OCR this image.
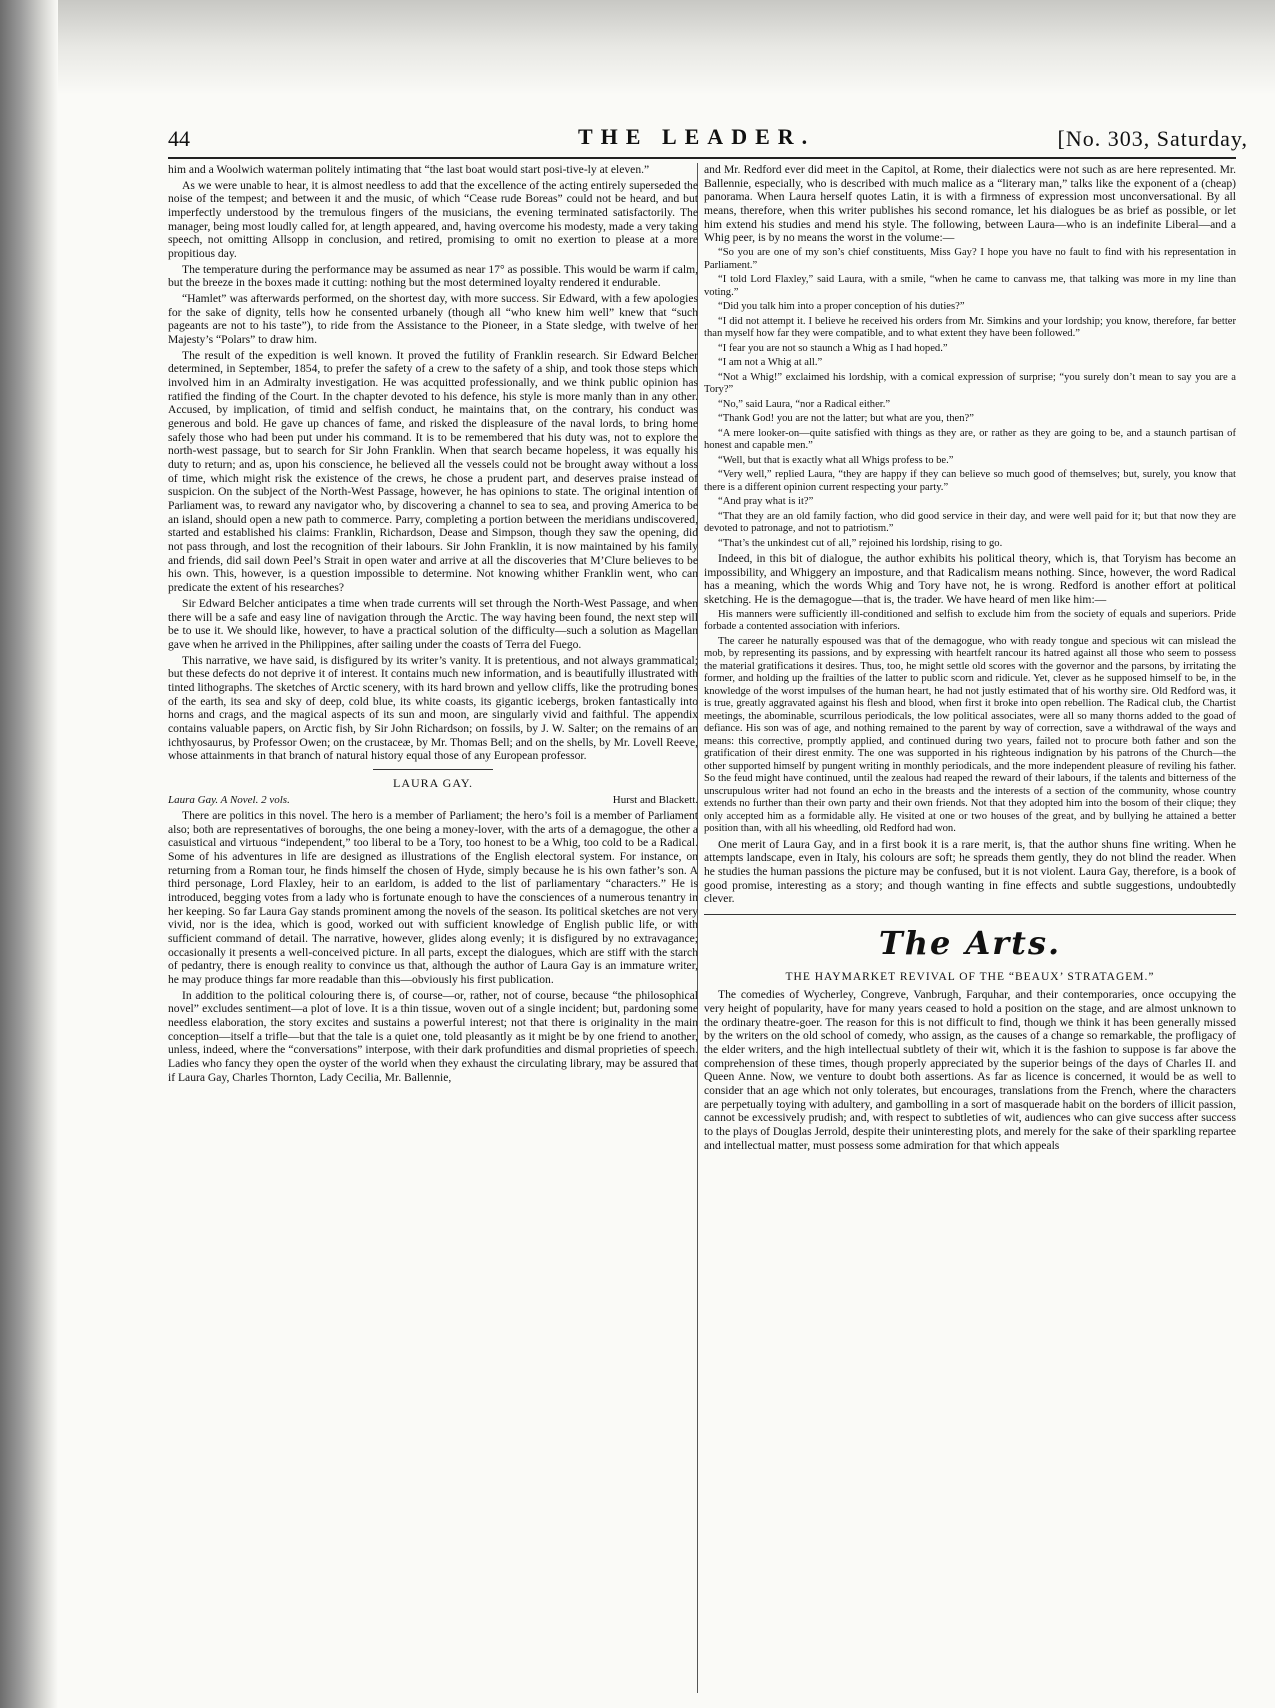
44	THE LEADER.	[No. 303, Saturday,

him and a Woolwich waterman politely intimating that “the last boat would start posi-tive-ly at eleven.”

As we were unable to hear, it is almost needless to add that the excellence of the acting entirely superseded the noise of the tempest; and between it and the music, of which “Cease rude Boreas” could not be heard, and but imperfectly understood by the tremulous fingers of the musicians, the evening terminated satisfactorily. The manager, being most loudly called for, at length appeared, and, having overcome his modesty, made a very taking speech, not omitting Allsopp in conclusion, and retired, promising to omit no exertion to please at a more propitious day.

The temperature during the performance may be assumed as near 17° as possible. This would be warm if calm, but the breeze in the boxes made it cutting: nothing but the most determined loyalty rendered it endurable.

“Hamlet” was afterwards performed, on the shortest day, with more success. Sir Edward, with a few apologies for the sake of dignity, tells how he consented urbanely (though all “who knew him well” knew that “such pageants are not to his taste”), to ride from the Assistance to the Pioneer, in a State sledge, with twelve of her Majesty’s “Polars” to draw him.

The result of the expedition is well known. It proved the futility of Franklin research. Sir Edward Belcher determined, in September, 1854, to prefer the safety of a crew to the safety of a ship, and took those steps which involved him in an Admiralty investigation. He was acquitted professionally, and we think public opinion has ratified the finding of the Court. In the chapter devoted to his defence, his style is more manly than in any other. Accused, by implication, of timid and selfish conduct, he maintains that, on the contrary, his conduct was generous and bold. He gave up chances of fame, and risked the displeasure of the naval lords, to bring home safely those who had been put under his command. It is to be remembered that his duty was, not to explore the north-west passage, but to search for Sir John Franklin. When that search became hopeless, it was equally his duty to return; and as, upon his conscience, he believed all the vessels could not be brought away without a loss of time, which might risk the existence of the crews, he chose a prudent part, and deserves praise instead of suspicion. On the subject of the North-West Passage, however, he has opinions to state. The original intention of Parliament was, to reward any navigator who, by discovering a channel to sea to sea, and proving America to be an island, should open a new path to commerce. Parry, completing a portion between the meridians undiscovered, started and established his claims: Franklin, Richardson, Dease and Simpson, though they saw the opening, did not pass through, and lost the recognition of their labours. Sir John Franklin, it is now maintained by his family and friends, did sail down Peel’s Strait in open water and arrive at all the discoveries that M’Clure believes to be his own. This, however, is a question impossible to determine. Not knowing whither Franklin went, who can predicate the extent of his researches?

Sir Edward Belcher anticipates a time when trade currents will set through the North-West Passage, and when there will be a safe and easy line of navigation through the Arctic. The way having been found, the next step will be to use it. We should like, however, to have a practical solution of the difficulty—such a solution as Magellan gave when he arrived in the Philippines, after sailing under the coasts of Terra del Fuego.

This narrative, we have said, is disfigured by its writer’s vanity. It is pretentious, and not always grammatical; but these defects do not deprive it of interest. It contains much new information, and is beautifully illustrated with tinted lithographs. The sketches of Arctic scenery, with its hard brown and yellow cliffs, like the protruding bones of the earth, its sea and sky of deep, cold blue, its white coasts, its gigantic icebergs, broken fantastically into horns and crags, and the magical aspects of its sun and moon, are singularly vivid and faithful. The appendix contains valuable papers, on Arctic fish, by Sir John Richardson; on fossils, by J. W. Salter; on the remains of an ichthyosaurus, by Professor Owen; on the crustaceæ, by Mr. Thomas Bell; and on the shells, by Mr. Lovell Reeve, whose attainments in that branch of natural history equal those of any European professor.

LAURA GAY.
Laura Gay. A Novel. 2 vols.	Hurst and Blackett.

There are politics in this novel. The hero is a member of Parliament; the hero’s foil is a member of Parliament also; both are representatives of boroughs, the one being a money-lover, with the arts of a demagogue, the other a casuistical and virtuous “independent,” too liberal to be a Tory, too honest to be a Whig, too cold to be a Radical. Some of his adventures in life are designed as illustrations of the English electoral system. For instance, on returning from a Roman tour, he finds himself the chosen of Hyde, simply because he is his own father’s son. A third personage, Lord Flaxley, heir to an earldom, is added to the list of parliamentary “characters.” He is introduced, begging votes from a lady who is fortunate enough to have the consciences of a numerous tenantry in her keeping. So far Laura Gay stands prominent among the novels of the season. Its political sketches are not very vivid, nor is the idea, which is good, worked out with sufficient knowledge of English public life, or with sufficient command of detail. The narrative, however, glides along evenly; it is disfigured by no extravagance; occasionally it presents a well-conceived picture. In all parts, except the dialogues, which are stiff with the starch of pedantry, there is enough reality to convince us that, although the author of Laura Gay is an immature writer, he may produce things far more readable than this—obviously his first publication.

In addition to the political colouring there is, of course—or, rather, not of course, because “the philosophical novel” excludes sentiment—a plot of love. It is a thin tissue, woven out of a single incident; but, pardoning some needless elaboration, the story excites and sustains a powerful interest; not that there is originality in the main conception—itself a trifle—but that the tale is a quiet one, told pleasantly as it might be by one friend to another, unless, indeed, where the “conversations” interpose, with their dark profundities and dismal proprieties of speech. Ladies who fancy they open the oyster of the world when they exhaust the circulating library, may be assured that if Laura Gay, Charles Thornton, Lady Cecilia, Mr. Ballennie,

and Mr. Redford ever did meet in the Capitol, at Rome, their dialectics were not such as are here represented. Mr. Ballennie, especially, who is described with much malice as a “literary man,” talks like the exponent of a (cheap) panorama. When Laura herself quotes Latin, it is with a firmness of expression most unconversational. By all means, therefore, when this writer publishes his second romance, let his dialogues be as brief as possible, or let him extend his studies and mend his style. The following, between Laura—who is an indefinite Liberal—and a Whig peer, is by no means the worst in the volume:—

“So you are one of my son’s chief constituents, Miss Gay? I hope you have no fault to find with his representation in Parliament.”

“I told Lord Flaxley,” said Laura, with a smile, “when he came to canvass me, that talking was more in my line than voting.”

“Did you talk him into a proper conception of his duties?”

“I did not attempt it. I believe he received his orders from Mr. Simkins and your lordship; you know, therefore, far better than myself how far they were compatible, and to what extent they have been followed.”

“I fear you are not so staunch a Whig as I had hoped.”

“I am not a Whig at all.”

“Not a Whig!” exclaimed his lordship, with a comical expression of surprise; “you surely don’t mean to say you are a Tory?”

“No,” said Laura, “nor a Radical either.”

“Thank God! you are not the latter; but what are you, then?”

“A mere looker-on—quite satisfied with things as they are, or rather as they are going to be, and a staunch partisan of honest and capable men.”

“Well, but that is exactly what all Whigs profess to be.”

“Very well,” replied Laura, “they are happy if they can believe so much good of themselves; but, surely, you know that there is a different opinion current respecting your party.”

“And pray what is it?”

“That they are an old family faction, who did good service in their day, and were well paid for it; but that now they are devoted to patronage, and not to patriotism.”

“That’s the unkindest cut of all,” rejoined his lordship, rising to go.

Indeed, in this bit of dialogue, the author exhibits his political theory, which is, that Toryism has become an impossibility, and Whiggery an imposture, and that Radicalism means nothing. Since, however, the word Radical has a meaning, which the words Whig and Tory have not, he is wrong. Redford is another effort at political sketching. He is the demagogue—that is, the trader. We have heard of men like him:—

His manners were sufficiently ill-conditioned and selfish to exclude him from the society of equals and superiors. Pride forbade a contented association with inferiors.

The career he naturally espoused was that of the demagogue, who with ready tongue and specious wit can mislead the mob, by representing its passions, and by expressing with heartfelt rancour its hatred against all those who seem to possess the material gratifications it desires. Thus, too, he might settle old scores with the governor and the parsons, by irritating the former, and holding up the frailties of the latter to public scorn and ridicule. Yet, clever as he supposed himself to be, in the knowledge of the worst impulses of the human heart, he had not justly estimated that of his worthy sire. Old Redford was, it is true, greatly aggravated against his flesh and blood, when first it broke into open rebellion. The Radical club, the Chartist meetings, the abominable, scurrilous periodicals, the low political associates, were all so many thorns added to the goad of defiance. His son was of age, and nothing remained to the parent by way of correction, save a withdrawal of the ways and means: this corrective, promptly applied, and continued during two years, failed not to procure both father and son the gratification of their direst enmity. The one was supported in his righteous indignation by his patrons of the Church—the other supported himself by pungent writing in monthly periodicals, and the more independent pleasure of reviling his father. So the feud might have continued, until the zealous had reaped the reward of their labours, if the talents and bitterness of the unscrupulous writer had not found an echo in the breasts and the interests of a section of the community, whose country extends no further than their own party and their own friends. Not that they adopted him into the bosom of their clique; they only accepted him as a formidable ally. He visited at one or two houses of the great, and by bullying he attained a better position than, with all his wheedling, old Redford had won.

One merit of Laura Gay, and in a first book it is a rare merit, is, that the author shuns fine writing. When he attempts landscape, even in Italy, his colours are soft; he spreads them gently, they do not blind the reader. When he studies the human passions the picture may be confused, but it is not violent. Laura Gay, therefore, is a book of good promise, interesting as a story; and though wanting in fine effects and subtle suggestions, undoubtedly clever.

The Arts.
THE HAYMARKET REVIVAL OF THE “BEAUX’ STRATAGEM.”

The comedies of Wycherley, Congreve, Vanbrugh, Farquhar, and their contemporaries, once occupying the very height of popularity, have for many years ceased to hold a position on the stage, and are almost unknown to the ordinary theatre-goer. The reason for this is not difficult to find, though we think it has been generally missed by the writers on the old school of comedy, who assign, as the causes of a change so remarkable, the profligacy of the elder writers, and the high intellectual subtlety of their wit, which it is the fashion to suppose is far above the comprehension of these times, though properly appreciated by the superior beings of the days of Charles II. and Queen Anne. Now, we venture to doubt both assertions. As far as licence is concerned, it would be as well to consider that an age which not only tolerates, but encourages, translations from the French, where the characters are perpetually toying with adultery, and gambolling in a sort of masquerade habit on the borders of illicit passion, cannot be excessively prudish; and, with respect to subtleties of wit, audiences who can give success after success to the plays of Douglas Jerrold, despite their uninteresting plots, and merely for the sake of their sparkling repartee and intellectual matter, must possess some admiration for that which appeals
